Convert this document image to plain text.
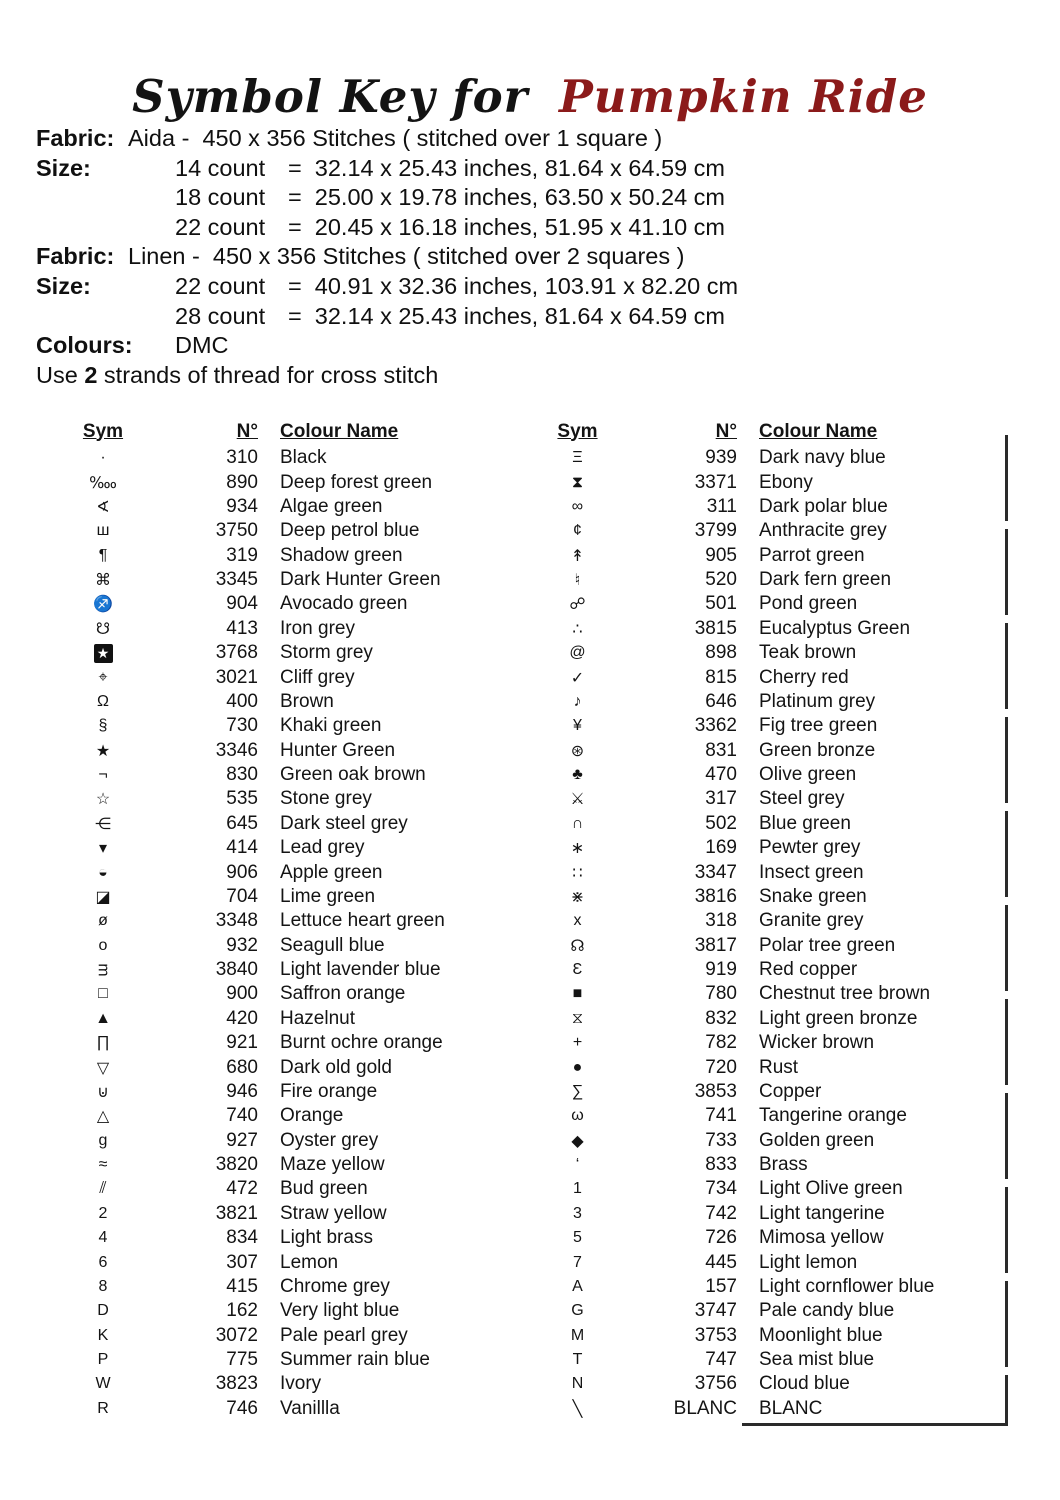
Symbol Key for Pumpkin Ride
Fabric: Aida -  450 x 356 Stitches ( stitched over 1 square )
Size:	14 count =  32.14 x 25.43 inches, 81.64 x 64.59 cm
18 count =  25.00 x 19.78 inches, 63.50 x 50.24 cm
22 count =  20.45 x 16.18 inches, 51.95 x 41.10 cm
Fabric: Linen -  450 x 356 Stitches ( stitched over 2 squares )
Size:	22 count =  40.91 x 32.36 inches, 103.91 x 82.20 cm
28 count =  32.14 x 25.43 inches, 81.64 x 64.59 cm
Colours:	DMC
Use 2 strands of thread for cross stitch
Sym	N°	Colour Name
·	310	Black
‱	890	Deep forest green
∢	934	Algae green
ш	3750	Deep petrol blue
¶	319	Shadow green
⌘	3345	Dark Hunter Green
♐	904	Avocado green
☋	413	Iron grey
★	3768	Storm grey
⌖	3021	Cliff grey
Ω	400	Brown
§	730	Khaki green
★	3346	Hunter Green
¬	830	Green oak brown
☆	535	Stone grey
⋲	645	Dark steel grey
▾	414	Lead grey
◒	906	Apple green
◪	704	Lime green
ø	3348	Lettuce heart green
o	932	Seagull blue
ᴟ	3840	Light lavender blue
□	900	Saffron orange
▲	420	Hazelnut
∏	921	Burnt ochre orange
▽	680	Dark old gold
⊍	946	Fire orange
△	740	Orange
g	927	Oyster grey
≈	3820	Maze yellow
⫽	472	Bud green
2	3821	Straw yellow
4	834	Light brass
6	307	Lemon
8	415	Chrome grey
D	162	Very light blue
K	3072	Pale pearl grey
P	775	Summer rain blue
W	3823	Ivory
R	746	Vanillla
Sym	N°	Colour Name
Ξ	939	Dark navy blue
⧗	3371	Ebony
∞	311	Dark polar blue
¢	3799	Anthracite grey
↟	905	Parrot green
♮	520	Dark fern green
☍	501	Pond green
∴	3815	Eucalyptus Green
@	898	Teak brown
✓	815	Cherry red
♪	646	Platinum grey
¥	3362	Fig tree green
⊛	831	Green bronze
♣	470	Olive green
⚔	317	Steel grey
∩	502	Blue green
∗	169	Pewter grey
∷	3347	Insect green
⋇	3816	Snake green
x	318	Granite grey
☊	3817	Polar tree green
Ɛ	919	Red copper
■	780	Chestnut tree brown
⧖	832	Light green bronze
+	782	Wicker brown
●	720	Rust
∑	3853	Copper
ω	741	Tangerine orange
◆	733	Golden green
‘	833	Brass
1	734	Light Olive green
3	742	Light tangerine
5	726	Mimosa yellow
7	445	Light lemon
A	157	Light cornflower blue
G	3747	Pale candy blue
M	3753	Moonlight blue
T	747	Sea mist blue
N	3756	Cloud blue
╲	BLANC	BLANC
